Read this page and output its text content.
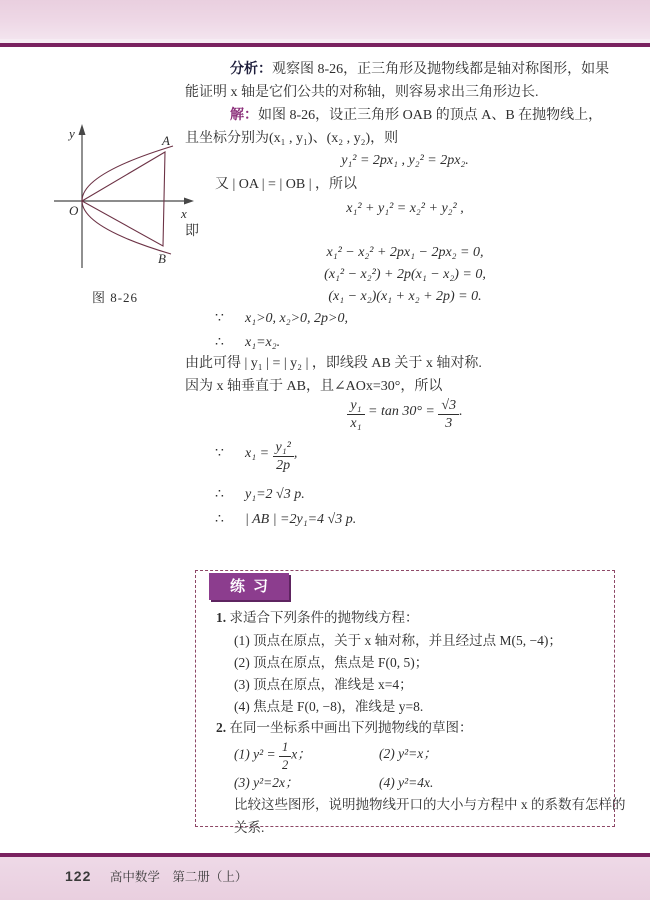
分析：观察图 8-26，正三角形及抛物线都是轴对称图形，如果
能证明 x 轴是它们公共的对称轴，则容易求出三角形边长.
解：如图 8-26，设正三角形 OAB 的顶点 A、B 在抛物线上，
且坐标分别为(x₁ , y₁)、(x₂ , y₂)，则
y₁² = 2px₁ , y₂² = 2px₂.
又 | OA | = | OB | ，所以
x₁² + y₁² = x₂² + y₂² ,
即
x₁² − x₂² + 2px₁ − 2px₂ = 0,
(x₁² − x₂²) + 2p(x₁ − x₂) = 0,
(x₁ − x₂)(x₁ + x₂ + 2p) = 0.
∵ x₁>0, x₂>0, 2p>0,
∴ x₁=x₂.
由此可得 | y₁ | = | y₂ | ，即线段 AB 关于 x 轴对称.
因为 x 轴垂直于 AB，且∠AOx=30°，所以
$\frac{\text{y₁}}{\text{x₁}} = \tan 30^\circ = \frac{√3}{3}$ .
∵ $x_1 = \frac{\text{y₁²}}{2p}$ ,
∴ y₁=2 √3 p.
∴ | AB | =2y₁=4 √3 p.
y
x
O
A
B
图 8-26
练习
1. 求适合下列条件的抛物线方程：
(1) 顶点在原点，关于 x 轴对称，并且经过点 M(5, −4)；
(2) 顶点在原点，焦点是 F(0, 5)；
(3) 顶点在原点，准线是 x=4；
(4) 焦点是 F(0, −8)，准线是 y=8.
2. 在同一坐标系中画出下列抛物线的草图：
(1) $y^2 = \frac{1}{2}$ x；	(2) y²=x；
(3) y²=2x；	(4) y²=4x.
比较这些图形，说明抛物线开口的大小与方程中 x 的系数有怎样的
关系.
122 高中数学　第二册（上）
